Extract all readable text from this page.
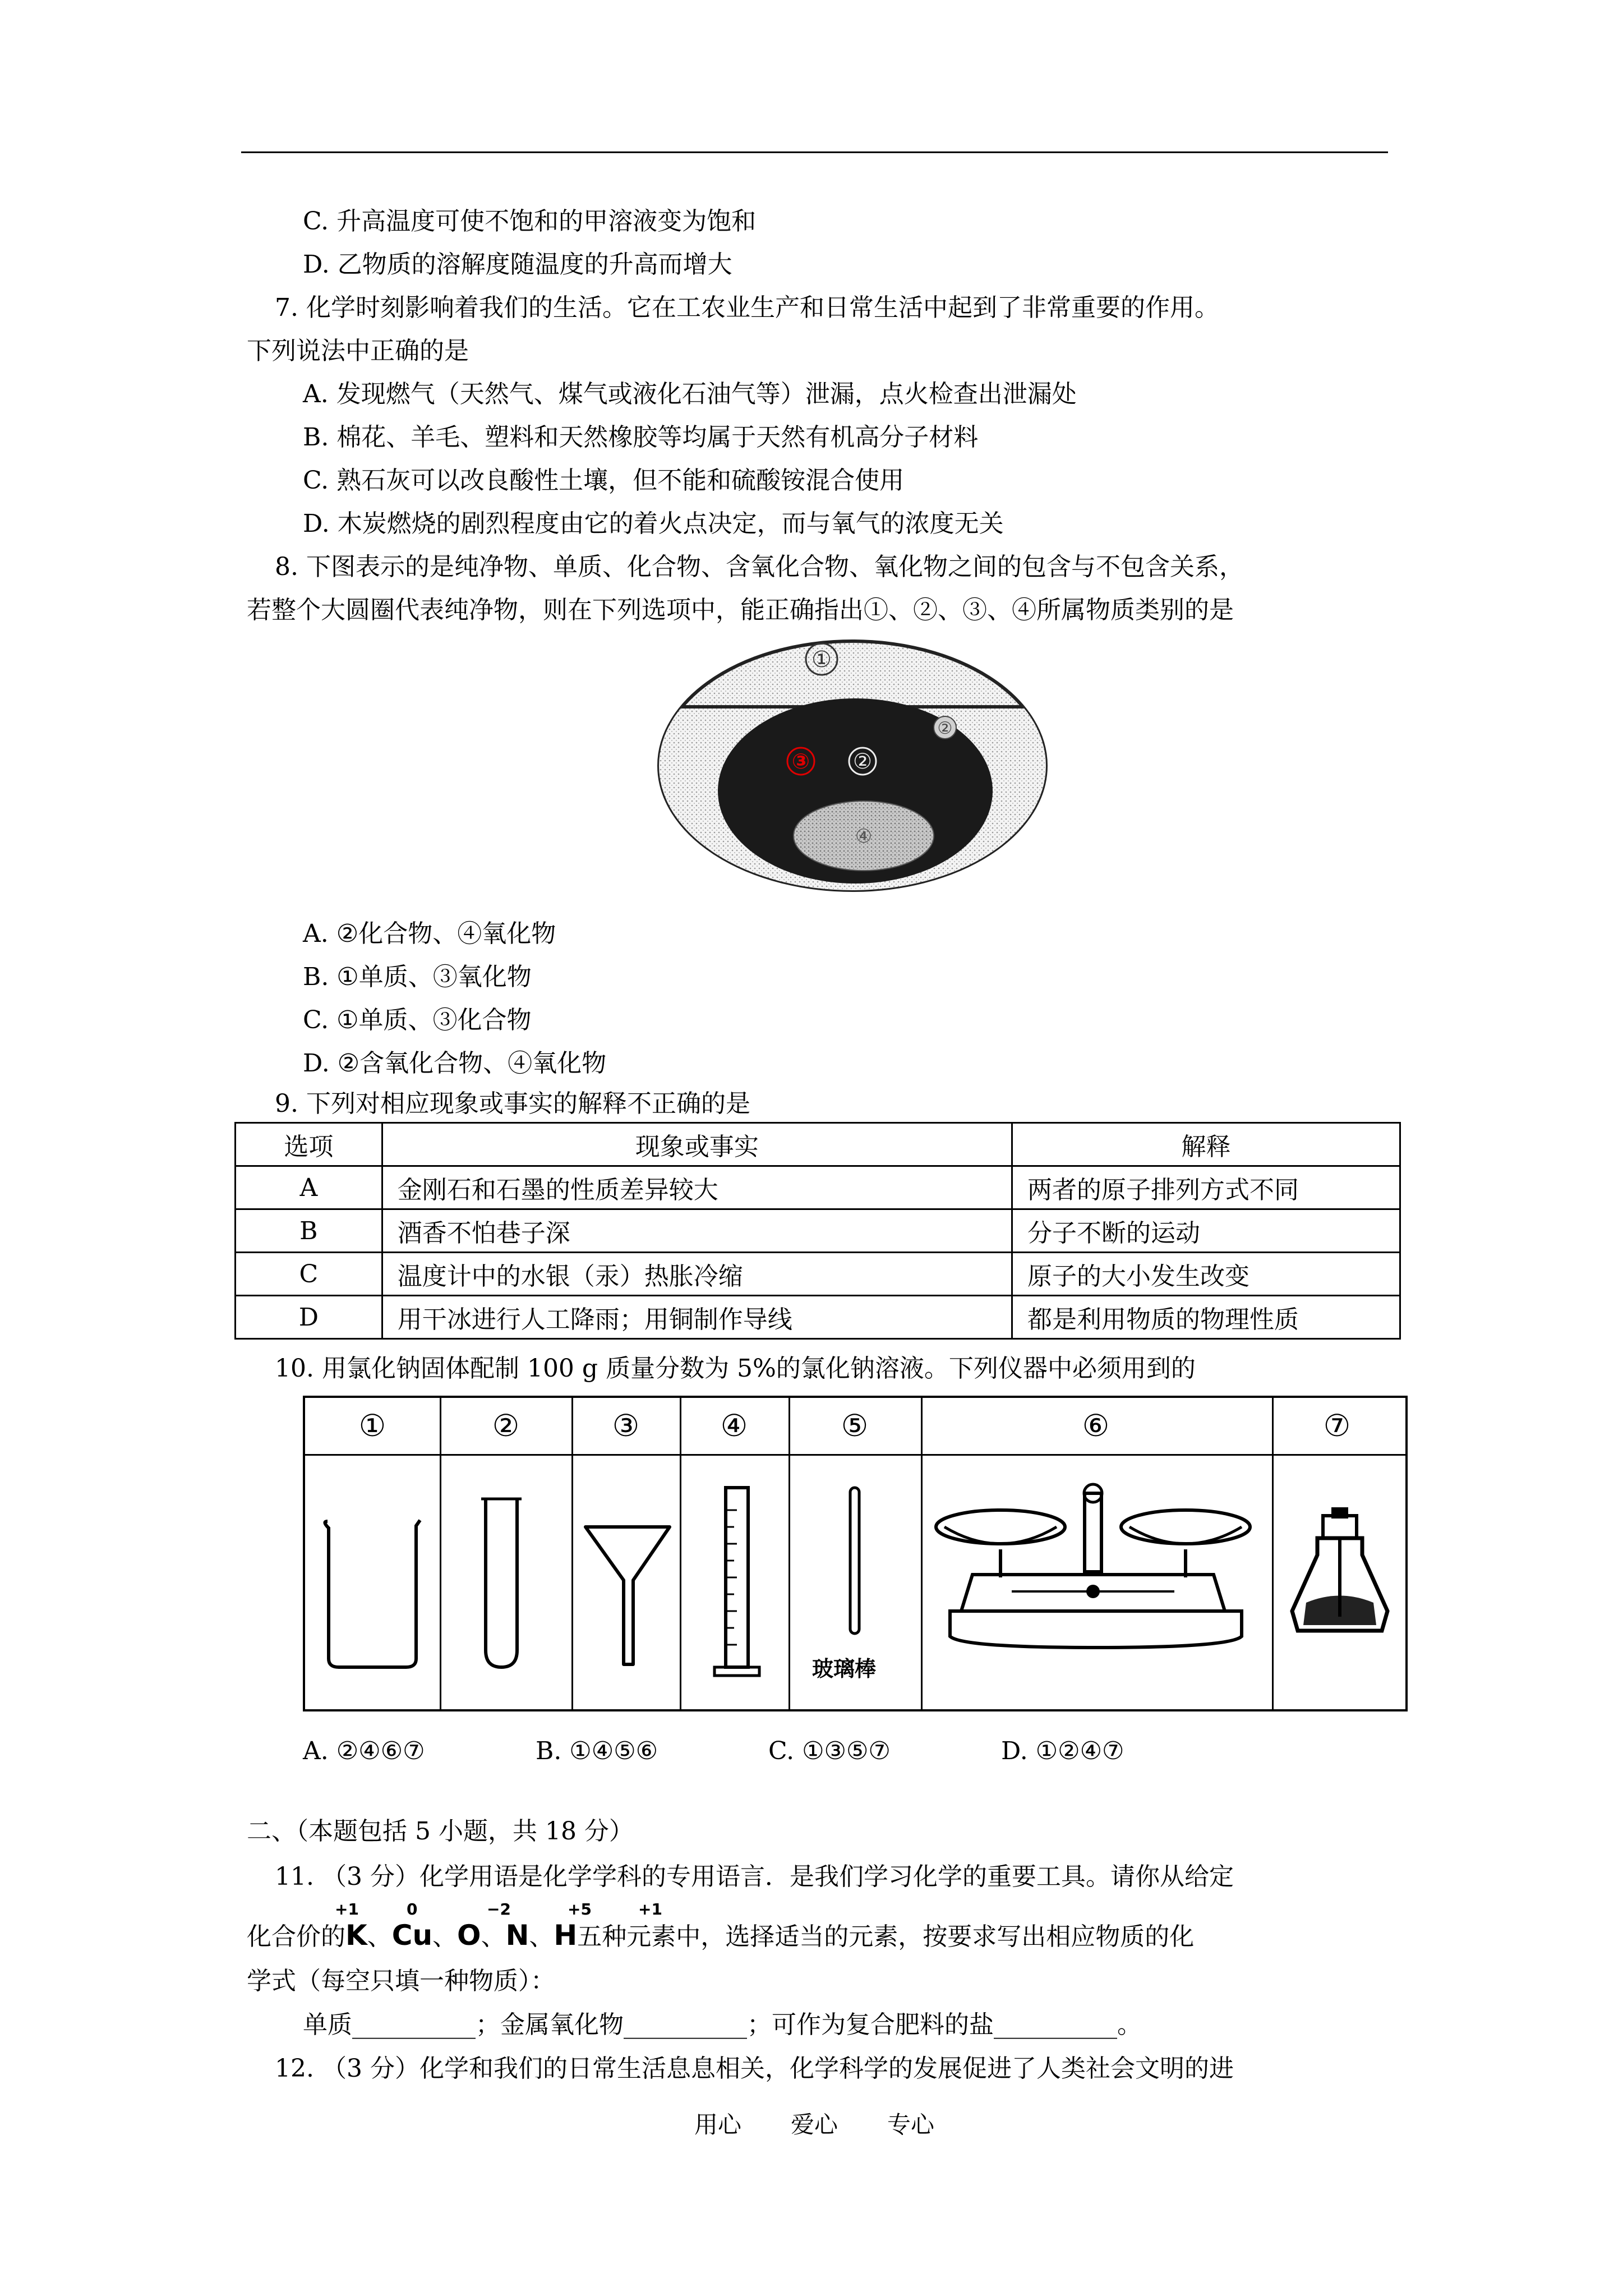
C. 升高温度可使不饱和的甲溶液变为饱和
D. 乙物质的溶解度随温度的升高而增大
7. 化学时刻影响着我们的生活。它在工农业生产和日常生活中起到了非常重要的作用。
下列说法中正确的是
A. 发现燃气（天然气、煤气或液化石油气等）泄漏，点火检查出泄漏处
B. 棉花、羊毛、塑料和天然橡胶等均属于天然有机高分子材料
C. 熟石灰可以改良酸性土壤，但不能和硫酸铵混合使用
D. 木炭燃烧的剧烈程度由它的着火点决定，而与氧气的浓度无关
8. 下图表示的是纯净物、单质、化合物、含氧化合物、氧化物之间的包含与不包含关系，
若整个大圆圈代表纯净物，则在下列选项中，能正确指出①、②、③、④所属物质类别的是
①
③ ②
④
②
A. ②化合物、④氧化物
B. ①单质、③氧化物
C. ①单质、③化合物
D. ②含氧化合物、④氧化物
9. 下列对相应现象或事实的解释不正确的是
选项	现象或事实	解释
A	金刚石和石墨的性质差异较大	两者的原子排列方式不同
B	酒香不怕巷子深	分子不断的运动
C	温度计中的水银（汞）热胀冷缩	原子的大小发生改变
D	用干冰进行人工降雨；用铜制作导线	都是利用物质的物理性质
10. 用氯化钠固体配制 100 g 质量分数为 5%的氯化钠溶液。下列仪器中必须用到的
①	②	③	④	⑤	⑥	⑦
玻璃棒
A. ②④⑥⑦	B. ①④⑤⑥	C. ①③⑤⑦	D. ①②④⑦
二、（本题包括 5 小题，共 18 分）
11. （3 分）化学用语是化学学科的专用语言．是我们学习化学的重要工具。请你从给定
化合价的K、Cu、O、N、H五种元素中，选择适当的元素，按要求写出相应物质的化
+1	0	−2	+5	+1
学式（每空只填一种物质）：
单质__________；金属氧化物__________；可作为复合肥料的盐__________。
12. （3 分）化学和我们的日常生活息息相关，化学科学的发展促进了人类社会文明的进
用心 爱心 专心
